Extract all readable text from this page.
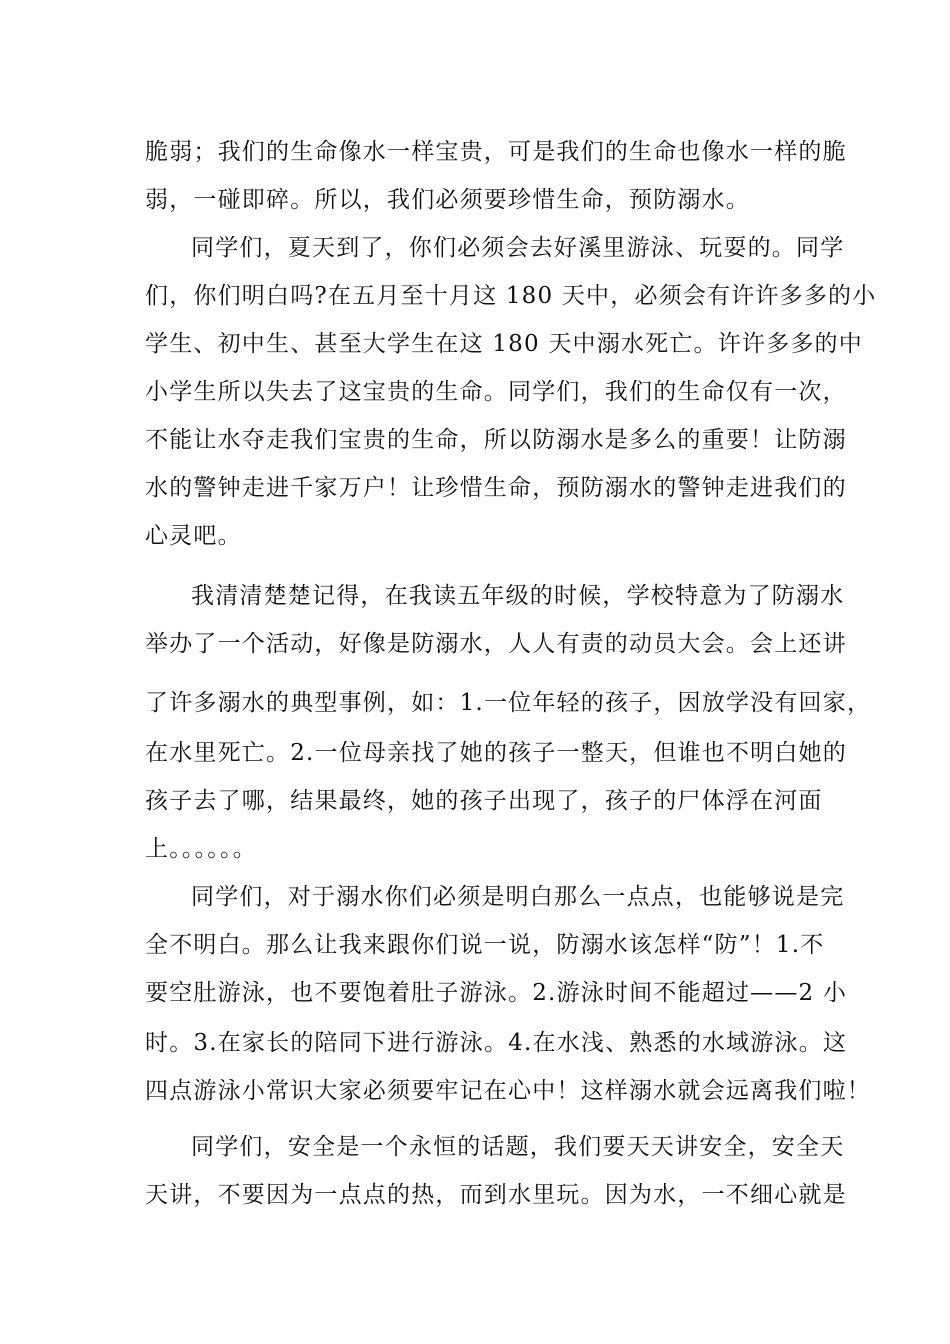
脆弱；我们的生命像水一样宝贵，可是我们的生命也像水一样的脆
弱，一碰即碎。所以，我们必须要珍惜生命，预防溺水。
同学们，夏天到了，你们必须会去好溪里游泳、玩耍的。同学
们，你们明白吗?在五月至十月这 180 天中，必须会有许许多多的小
学生、初中生、甚至大学生在这 180 天中溺水死亡。许许多多的中
小学生所以失去了这宝贵的生命。同学们，我们的生命仅有一次，
不能让水夺走我们宝贵的生命，所以防溺水是多么的重要！让防溺
水的警钟走进千家万户！让珍惜生命，预防溺水的警钟走进我们的
心灵吧。
我清清楚楚记得，在我读五年级的时候，学校特意为了防溺水
举办了一个活动，好像是防溺水，人人有责的动员大会。会上还讲
了许多溺水的典型事例，如：1.一位年轻的孩子，因放学没有回家，
在水里死亡。2.一位母亲找了她的孩子一整天，但谁也不明白她的
孩子去了哪，结果最终，她的孩子出现了，孩子的尸体浮在河面
上。。。。。。
同学们，对于溺水你们必须是明白那么一点点，也能够说是完
全不明白。那么让我来跟你们说一说，防溺水该怎样“防”！1.不
要空肚游泳，也不要饱着肚子游泳。2.游泳时间不能超过——2 小
时。3.在家长的陪同下进行游泳。4.在水浅、熟悉的水域游泳。这
四点游泳小常识大家必须要牢记在心中！这样溺水就会远离我们啦！
同学们，安全是一个永恒的话题，我们要天天讲安全，安全天
天讲，不要因为一点点的热，而到水里玩。因为水，一不细心就是
